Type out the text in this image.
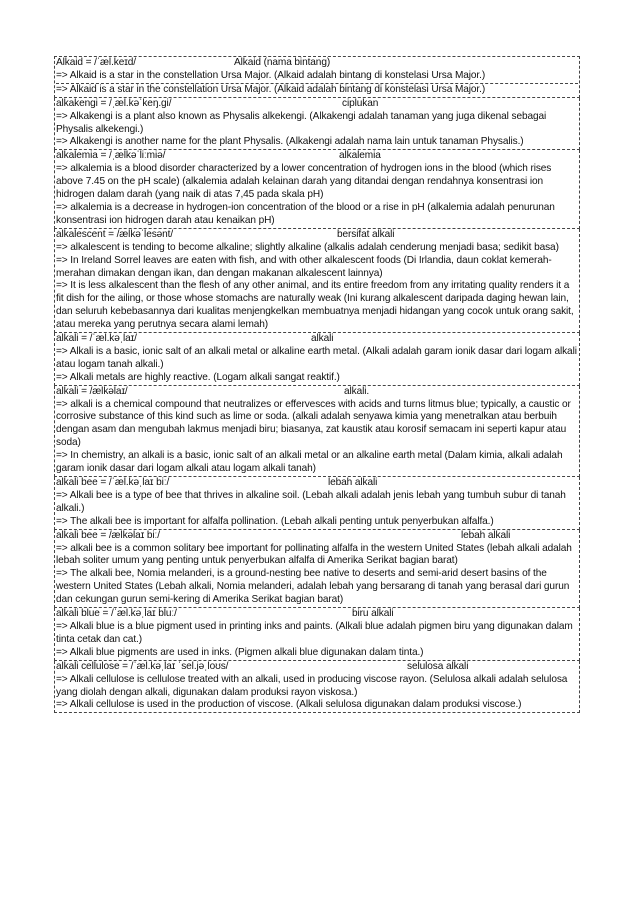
Alkaid = /ˈæl.keɪd/	Alkaid (nama bintang)
=> Alkaid is a star in the constellation Ursa Major. (Alkaid adalah bintang di konstelasi Ursa Major.)
=> Alkaid is a star in the constellation Ursa Major. (Alkaid adalah bintang di konstelasi Ursa Major.)
alkakengi = /ˌæl.kəˈkeŋ.ɡi/	ciplukan
=> Alkakengi is a plant also known as Physalis alkekengi. (Alkakengi adalah tanaman yang juga dikenal sebagai Physalis alkekengi.)
=> Alkakengi is another name for the plant Physalis. (Alkakengi adalah nama lain untuk tanaman Physalis.)
alkalemia = /ˌælkəˈliːmiə/	alkalemia
=> alkalemia is a blood disorder characterized by a lower concentration of hydrogen ions in the blood (which rises above 7.45 on the pH scale) (alkalemia adalah kelainan darah yang ditandai dengan rendahnya konsentrasi ion hidrogen dalam darah (yang naik di atas 7,45 pada skala pH)
=> alkalemia is a decrease in hydrogen-ion concentration of the blood or a rise in pH (alkalemia adalah penurunan konsentrasi ion hidrogen darah atau kenaikan pH)
alkalescent = /ælkəˈlesənt/	bersifat alkali
=> alkalescent is tending to become alkaline; slightly alkaline (alkalis adalah cenderung menjadi basa; sedikit basa)
=> In Ireland Sorrel leaves are eaten with fish, and with other alkalescent foods (Di Irlandia, daun coklat kemerah-merahan dimakan dengan ikan, dan dengan makanan alkalescent lainnya)
=> It is less alkalescent than the flesh of any other animal, and its entire freedom from any irritating quality renders it a fit dish for the ailing, or those whose stomachs are naturally weak (Ini kurang alkalescent daripada daging hewan lain, dan seluruh kebebasannya dari kualitas menjengkelkan membuatnya menjadi hidangan yang cocok untuk orang sakit, atau mereka yang perutnya secara alami lemah)
alkali = /ˈæl.kəˌlaɪ/	alkali
=> Alkali is a basic, ionic salt of an alkali metal or alkaline earth metal. (Alkali adalah garam ionik dasar dari logam alkali atau logam tanah alkali.)
=> Alkali metals are highly reactive. (Logam alkali sangat reaktif.)
alkali = /ælkəlaɪ/	alkali.
=> alkali is a chemical compound that neutralizes or effervesces with acids and turns litmus blue; typically, a caustic or corrosive substance of this kind such as lime or soda. (alkali adalah senyawa kimia yang menetralkan atau berbuih dengan asam dan mengubah lakmus menjadi biru; biasanya, zat kaustik atau korosif semacam ini seperti kapur atau soda)
=> In chemistry, an alkali is a basic, ionic salt of an alkali metal or an alkaline earth metal (Dalam kimia, alkali adalah garam ionik dasar dari logam alkali atau logam alkali tanah)
alkali bee = /ˈæl.kəˌlaɪ biː/	lebah alkali
=> Alkali bee is a type of bee that thrives in alkaline soil. (Lebah alkali adalah jenis lebah yang tumbuh subur di tanah alkali.)
=> The alkali bee is important for alfalfa pollination. (Lebah alkali penting untuk penyerbukan alfalfa.)
alkali bee = /ælkəlaɪ biː/	lebah alkali
=> alkali bee is a common solitary bee important for pollinating alfalfa in the western United States (lebah alkali adalah lebah soliter umum yang penting untuk penyerbukan alfalfa di Amerika Serikat bagian barat)
=> The alkali bee, Nomia melanderi, is a ground-nesting bee native to deserts and semi-arid desert basins of the western United States (Lebah alkali, Nomia melanderi, adalah lebah yang bersarang di tanah yang berasal dari gurun dan cekungan gurun semi-kering di Amerika Serikat bagian barat)
alkali blue = /ˈæl.kəˌlaɪ bluː/	biru alkali
=> Alkali blue is a blue pigment used in printing inks and paints. (Alkali blue adalah pigmen biru yang digunakan dalam tinta cetak dan cat.)
=> Alkali blue pigments are used in inks. (Pigmen alkali blue digunakan dalam tinta.)
alkali cellulose = /ˈæl.kəˌlaɪ ˈsel.jəˌloʊs/	selulosa alkali
=> Alkali cellulose is cellulose treated with an alkali, used in producing viscose rayon. (Selulosa alkali adalah selulosa yang diolah dengan alkali, digunakan dalam produksi rayon viskosa.)
=> Alkali cellulose is used in the production of viscose. (Alkali selulosa digunakan dalam produksi viscose.)
